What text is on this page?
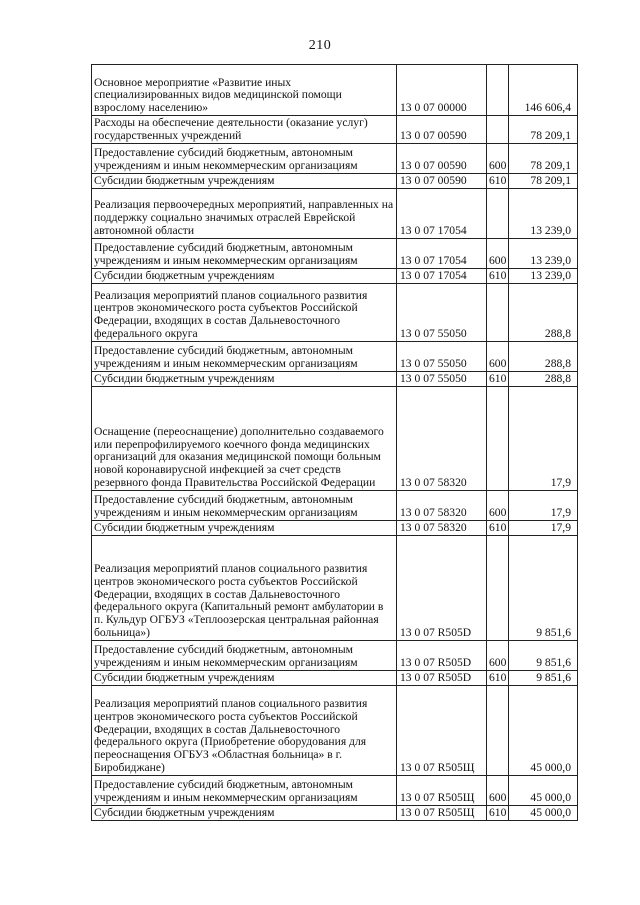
210
Основное мероприятие «Развитие иных специализированных видов медицинской помощи взрослому населению»	13 0 07 00000		146 606,4
Расходы на обеспечение деятельности (оказание услуг) государственных учреждений	13 0 07 00590		78 209,1
Предоставление субсидий бюджетным, автономным учреждениям и иным некоммерческим организациям	13 0 07 00590	600	78 209,1
Субсидии бюджетным учреждениям	13 0 07 00590	610	78 209,1
Реализация первоочередных мероприятий, направленных на поддержку социально значимых отраслей Еврейской автономной области	13 0 07 17054		13 239,0
Предоставление субсидий бюджетным, автономным учреждениям и иным некоммерческим организациям	13 0 07 17054	600	13 239,0
Субсидии бюджетным учреждениям	13 0 07 17054	610	13 239,0
Реализация мероприятий планов социального развития центров экономического роста субъектов Российской Федерации, входящих в состав Дальневосточного федерального округа	13 0 07 55050		288,8
Предоставление субсидий бюджетным, автономным учреждениям и иным некоммерческим организациям	13 0 07 55050	600	288,8
Субсидии бюджетным учреждениям	13 0 07 55050	610	288,8
Оснащение (переоснащение) дополнительно создаваемого или перепрофилируемого коечного фонда медицинских организаций для оказания медицинской помощи больным новой коронавирусной инфекцией за счет средств резервного фонда Правительства Российской Федерации	13 0 07 58320		17,9
Предоставление субсидий бюджетным, автономным учреждениям и иным некоммерческим организациям	13 0 07 58320	600	17,9
Субсидии бюджетным учреждениям	13 0 07 58320	610	17,9
Реализация мероприятий планов социального развития центров экономического роста субъектов Российской Федерации, входящих в состав Дальневосточного федерального округа (Капитальный ремонт амбулатории в п. Кульдур ОГБУЗ «Теплоозерская центральная районная больница»)	13 0 07 R505D		9 851,6
Предоставление субсидий бюджетным, автономным учреждениям и иным некоммерческим организациям	13 0 07 R505D	600	9 851,6
Субсидии бюджетным учреждениям	13 0 07 R505D	610	9 851,6
Реализация мероприятий планов социального развития центров экономического роста субъектов Российской Федерации, входящих в состав Дальневосточного федерального округа (Приобретение оборудования для переоснащения ОГБУЗ «Областная больница» в г. Биробиджане)	13 0 07 R505Щ		45 000,0
Предоставление субсидий бюджетным, автономным учреждениям и иным некоммерческим организациям	13 0 07 R505Щ	600	45 000,0
Субсидии бюджетным учреждениям	13 0 07 R505Щ	610	45 000,0
